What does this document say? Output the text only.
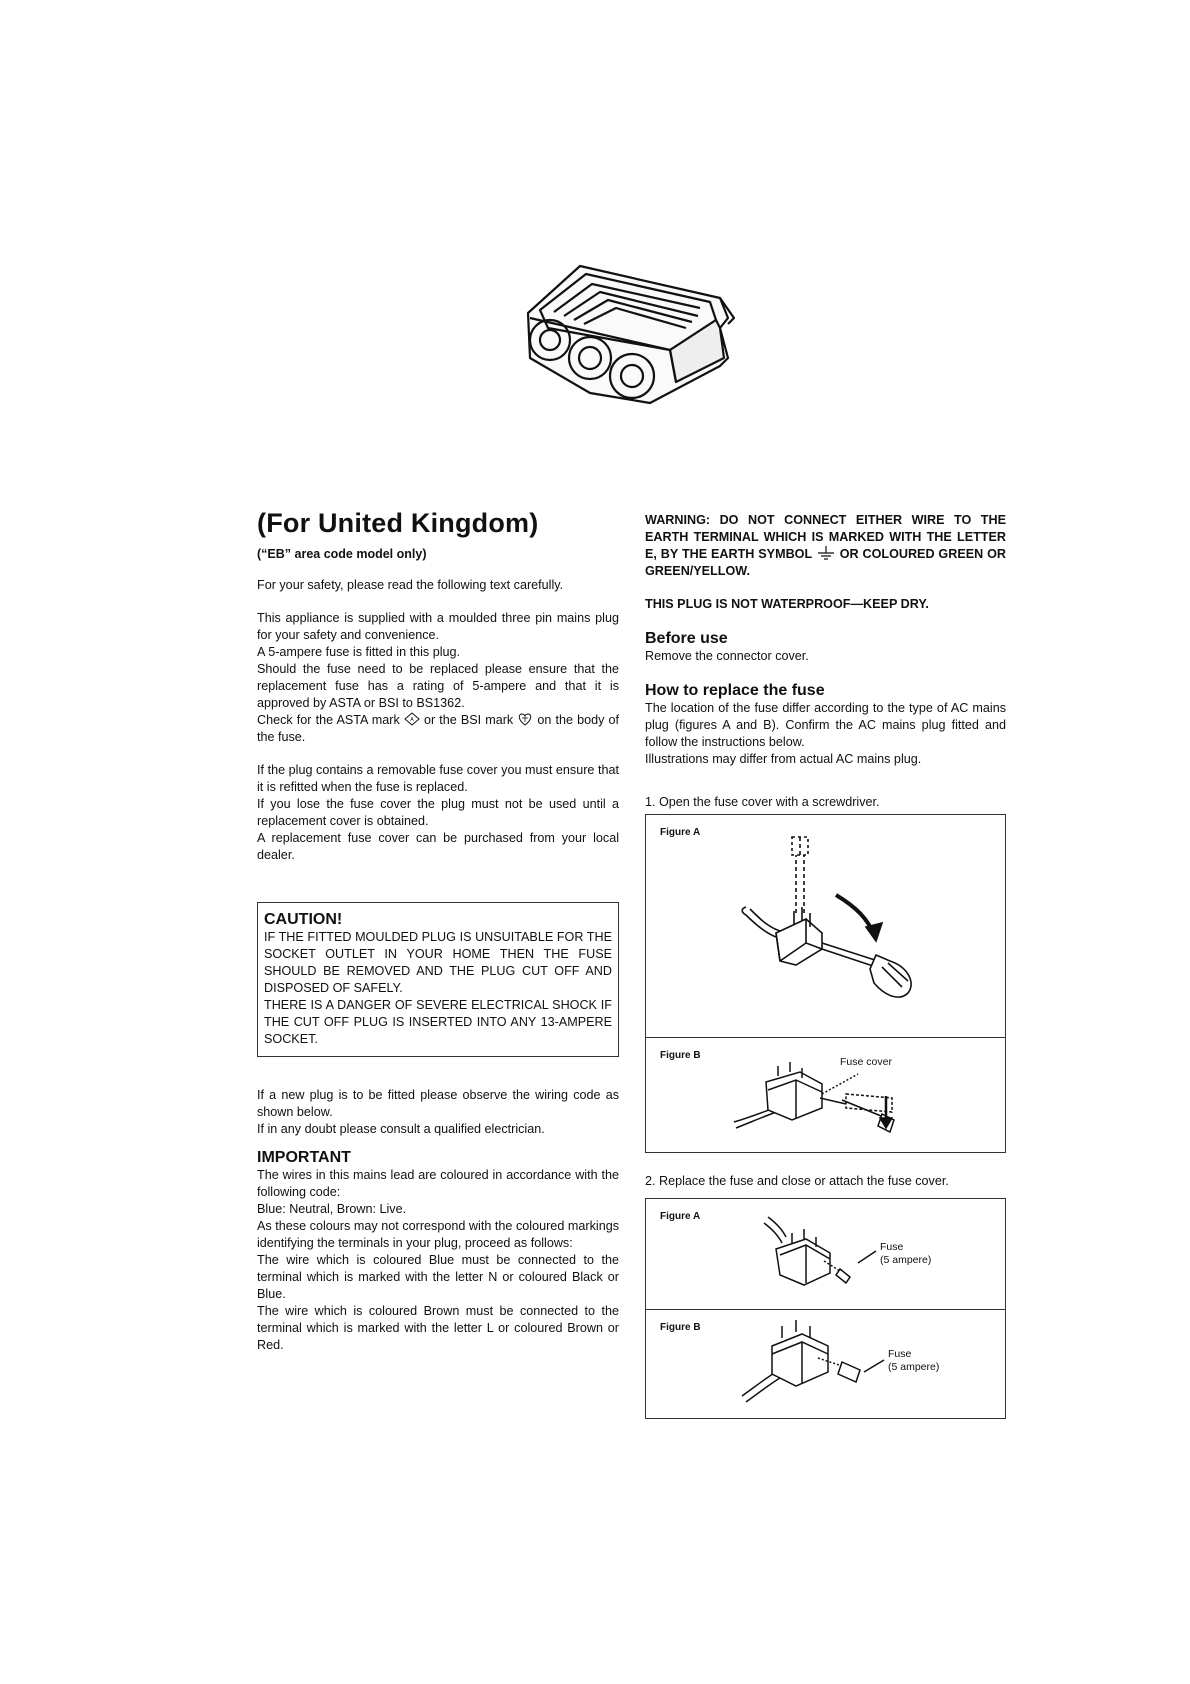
(For United Kingdom)
(“EB” area code model only)

For your safety, please read the following text carefully.

This appliance is supplied with a moulded three pin mains plug for your safety and convenience.

A 5-ampere fuse is fitted in this plug.

Should the fuse need to be replaced please ensure that the replacement fuse has a rating of 5-ampere and that it is approved by ASTA or BSI to BS1362.

Check for the ASTA mark A or the BSI mark on the body of the fuse.

If the plug contains a removable fuse cover you must ensure that it is refitted when the fuse is replaced.

If you lose the fuse cover the plug must not be used until a replacement cover is obtained.

A replacement fuse cover can be purchased from your local dealer.

CAUTION!

IF THE FITTED MOULDED PLUG IS UNSUITABLE FOR THE SOCKET OUTLET IN YOUR HOME THEN THE FUSE SHOULD BE REMOVED AND THE PLUG CUT OFF AND DISPOSED OF SAFELY.

THERE IS A DANGER OF SEVERE ELECTRICAL SHOCK IF THE CUT OFF PLUG IS INSERTED INTO ANY 13-AMPERE SOCKET.

If a new plug is to be fitted please observe the wiring code as shown below.

If in any doubt please consult a qualified electrician.

IMPORTANT

The wires in this mains lead are coloured in accordance with the following code:

Blue: Neutral, Brown: Live.

As these colours may not correspond with the coloured markings identifying the terminals in your plug, proceed as follows:

The wire which is coloured Blue must be connected to the terminal which is marked with the letter N or coloured Black or Blue.

The wire which is coloured Brown must be connected to the terminal which is marked with the letter L or coloured Brown or Red.

WARNING: DO NOT CONNECT EITHER WIRE TO THE EARTH TERMINAL WHICH IS MARKED WITH THE LETTER E, BY THE EARTH SYMBOL OR COLOURED GREEN OR GREEN/YELLOW.
THIS PLUG IS NOT WATERPROOF—KEEP DRY.
Before use

Remove the connector cover.

How to replace the fuse

The location of the fuse differ according to the type of AC mains plug (figures A and B). Confirm the AC mains plug fitted and follow the instructions below.

Illustrations may differ from actual AC mains plug.

1. Open the fuse cover with a screwdriver.

Figure A
Figure B
Fuse cover

2. Replace the fuse and close or attach the fuse cover.

Figure A
Fuse
(5 ampere)
Figure B
Fuse
(5 ampere)
